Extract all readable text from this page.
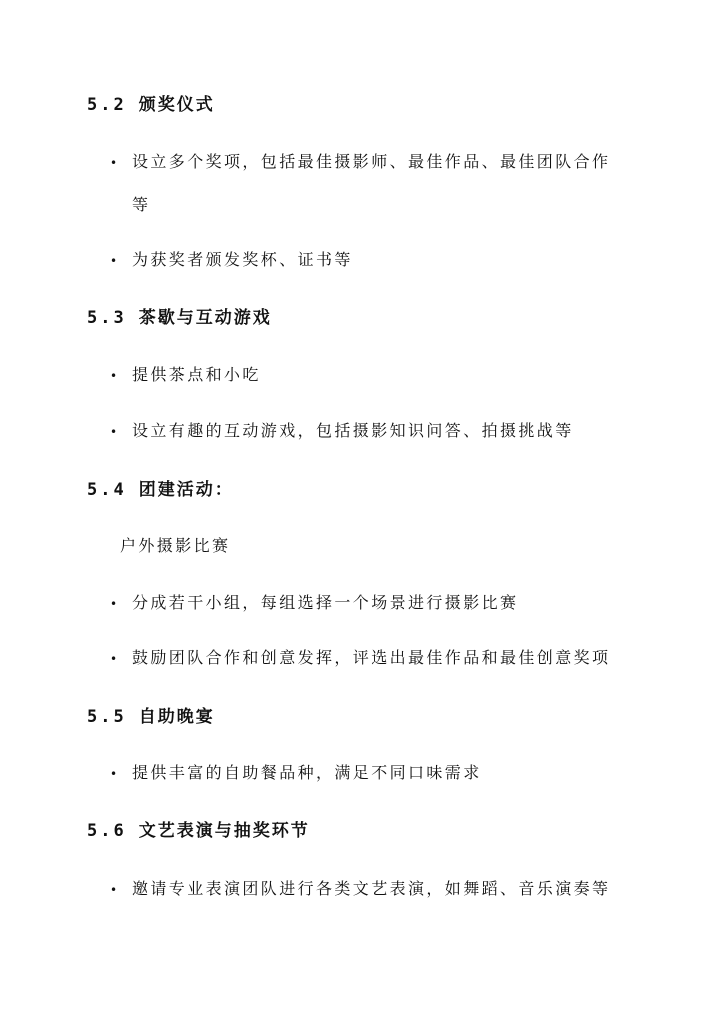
5.2 颁奖仪式
• 设立多个奖项，包括最佳摄影师、最佳作品、最佳团队合作
等
• 为获奖者颁发奖杯、证书等
5.3 茶歇与互动游戏
• 提供茶点和小吃
• 设立有趣的互动游戏，包括摄影知识问答、拍摄挑战等
5.4 团建活动：
户外摄影比赛
• 分成若干小组，每组选择一个场景进行摄影比赛
• 鼓励团队合作和创意发挥，评选出最佳作品和最佳创意奖项
5.5 自助晚宴
• 提供丰富的自助餐品种，满足不同口味需求
5.6 文艺表演与抽奖环节
• 邀请专业表演团队进行各类文艺表演，如舞蹈、音乐演奏等
